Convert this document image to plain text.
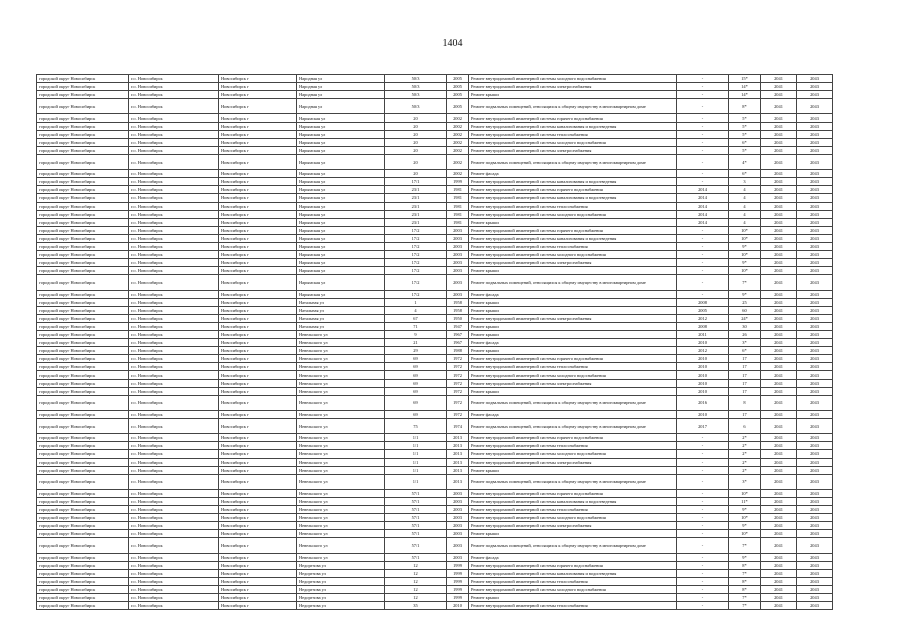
1404
городской округ Новосибирск	г.о. Новосибирск	Новосибирск г	Народная ул	50/3	2005	Ремонт внутридомовой инженерной системы холодного водоснабжения	-	15*	2041	2043
городской округ Новосибирск	г.о. Новосибирск	Новосибирск г	Народная ул	50/3	2005	Ремонт внутридомовой инженерной системы электроснабжения	-	14*	2041	2043
городской округ Новосибирск	г.о. Новосибирск	Новосибирск г	Народная ул	50/3	2005	Ремонт крыши	-	14*	2041	2043
городской округ Новосибирск	г.о. Новосибирск	Новосибирск г	Народная ул	50/3	2005	Ремонт подвальных помещений, относящихся к общему имуществу в многоквартирном доме	-	8*	2041	2043
городской округ Новосибирск	г.о. Новосибирск	Новосибирск г	Нарымская ул	20	2002	Ремонт внутридомовой инженерной системы горячего водоснабжения	-	5*	2041	2043
городской округ Новосибирск	г.о. Новосибирск	Новосибирск г	Нарымская ул	20	2002	Ремонт внутридомовой инженерной системы канализования и водоотведения	-	5*	2041	2043
городской округ Новосибирск	г.о. Новосибирск	Новосибирск г	Нарымская ул	20	2002	Ремонт внутридомовой инженерной системы теплоснабжения	-	5*	2041	2043
городской округ Новосибирск	г.о. Новосибирск	Новосибирск г	Нарымская ул	20	2002	Ремонт внутридомовой инженерной системы холодного водоснабжения	-	6*	2041	2043
городской округ Новосибирск	г.о. Новосибирск	Новосибирск г	Нарымская ул	20	2002	Ремонт внутридомовой инженерной системы электроснабжения	-	5*	2041	2043
городской округ Новосибирск	г.о. Новосибирск	Новосибирск г	Нарымская ул	20	2002	Ремонт подвальных помещений, относящихся к общему имуществу в многоквартирном доме	-	4*	2041	2043
городской округ Новосибирск	г.о. Новосибирск	Новосибирск г	Нарымская ул	20	2002	Ремонт фасада	-	6*	2041	2043
городской округ Новосибирск	г.о. Новосибирск	Новосибирск г	Нарымская ул	17/1	1999	Ремонт внутридомовой инженерной системы канализования и водоотведения	-	3	2041	2043
городской округ Новосибирск	г.о. Новосибирск	Новосибирск г	Нарымская ул	23/1	1981	Ремонт внутридомовой инженерной системы горячего водоснабжения	2014	4	2041	2043
городской округ Новосибирск	г.о. Новосибирск	Новосибирск г	Нарымская ул	23/1	1981	Ремонт внутридомовой инженерной системы канализования и водоотведения	2014	4	2041	2043
городской округ Новосибирск	г.о. Новосибирск	Новосибирск г	Нарымская ул	23/1	1981	Ремонт внутридомовой инженерной системы теплоснабжения	2014	4	2041	2043
городской округ Новосибирск	г.о. Новосибирск	Новосибирск г	Нарымская ул	23/1	1981	Ремонт внутридомовой инженерной системы холодного водоснабжения	2014	4	2041	2043
городской округ Новосибирск	г.о. Новосибирск	Новосибирск г	Нарымская ул	23/1	1981	Ремонт крыши	2014	4	2041	2043
городской округ Новосибирск	г.о. Новосибирск	Новосибирск г	Нарымская ул	17/2	2003	Ремонт внутридомовой инженерной системы горячего водоснабжения	-	10*	2041	2043
городской округ Новосибирск	г.о. Новосибирск	Новосибирск г	Нарымская ул	17/2	2003	Ремонт внутридомовой инженерной системы канализования и водоотведения	-	10*	2041	2043
городской округ Новосибирск	г.о. Новосибирск	Новосибирск г	Нарымская ул	17/2	2003	Ремонт внутридомовой инженерной системы теплоснабжения	-	9*	2041	2043
городской округ Новосибирск	г.о. Новосибирск	Новосибирск г	Нарымская ул	17/2	2003	Ремонт внутридомовой инженерной системы холодного водоснабжения	-	10*	2041	2043
городской округ Новосибирск	г.о. Новосибирск	Новосибирск г	Нарымская ул	17/2	2003	Ремонт внутридомовой инженерной системы электроснабжения	-	9*	2041	2043
городской округ Новосибирск	г.о. Новосибирск	Новосибирск г	Нарымская ул	17/2	2003	Ремонт крыши	-	10*	2041	2043
городской округ Новосибирск	г.о. Новосибирск	Новосибирск г	Нарымская ул	17/2	2003	Ремонт подвальных помещений, относящихся к общему имуществу в многоквартирном доме	-	7*	2041	2043
городской округ Новосибирск	г.о. Новосибирск	Новосибирск г	Нарымская ул	17/2	2003	Ремонт фасада	-	9*	2041	2043
городской округ Новосибирск	г.о. Новосибирск	Новосибирск г	Натальная ул	1	1958	Ремонт крыши	2008	25	2041	2043
городской округ Новосибирск	г.о. Новосибирск	Новосибирск г	Натальная ул	4	1958	Ремонт крыши	2005	60	2041	2043
городской округ Новосибирск	г.о. Новосибирск	Новосибирск г	Натальная ул	67	1950	Ремонт внутридомовой инженерной системы электроснабжения	2012	24*	2041	2043
городской округ Новосибирск	г.о. Новосибирск	Новосибирск г	Натальная ул	71	1947	Ремонт крыши	2008	30	2041	2043
городской округ Новосибирск	г.о. Новосибирск	Новосибирск г	Невельского ул	9	1967	Ремонт крыши	2011	26	2041	2043
городской округ Новосибирск	г.о. Новосибирск	Новосибирск г	Невельского ул	21	1967	Ремонт фасада	2010	3*	2041	2043
городской округ Новосибирск	г.о. Новосибирск	Новосибирск г	Невельского ул	29	1988	Ремонт крыши	2012	6*	2041	2043
городской округ Новосибирск	г.о. Новосибирск	Новосибирск г	Невельского ул	69	1972	Ремонт внутридомовой инженерной системы горячего водоснабжения	2010	17	2041	2043
городской округ Новосибирск	г.о. Новосибирск	Новосибирск г	Невельского ул	69	1972	Ремонт внутридомовой инженерной системы теплоснабжения	2010	17	2041	2043
городской округ Новосибирск	г.о. Новосибирск	Новосибирск г	Невельского ул	69	1972	Ремонт внутридомовой инженерной системы холодного водоснабжения	2010	17	2041	2043
городской округ Новосибирск	г.о. Новосибирск	Новосибирск г	Невельского ул	69	1972	Ремонт внутридомовой инженерной системы электроснабжения	2010	17	2041	2043
городской округ Новосибирск	г.о. Новосибирск	Новосибирск г	Невельского ул	69	1972	Ремонт крыши	2010	17	2041	2043
городской округ Новосибирск	г.о. Новосибирск	Новосибирск г	Невельского ул	69	1972	Ремонт подвальных помещений, относящихся к общему имуществу в многоквартирном доме	2016	8	2041	2043
городской округ Новосибирск	г.о. Новосибирск	Новосибирск г	Невельского ул	69	1972	Ремонт фасада	2010	17	2041	2043
городской округ Новосибирск	г.о. Новосибирск	Новосибирск г	Невельского ул	75	1974	Ремонт подвальных помещений, относящихся к общему имуществу в многоквартирном доме	2017	6	2041	2043
городской округ Новосибирск	г.о. Новосибирск	Новосибирск г	Невельского ул	1/1	2013	Ремонт внутридомовой инженерной системы горячего водоснабжения	-	2*	2041	2043
городской округ Новосибирск	г.о. Новосибирск	Новосибирск г	Невельского ул	1/1	2013	Ремонт внутридомовой инженерной системы теплоснабжения	-	2*	2041	2043
городской округ Новосибирск	г.о. Новосибирск	Новосибирск г	Невельского ул	1/1	2013	Ремонт внутридомовой инженерной системы холодного водоснабжения	-	2*	2041	2043
городской округ Новосибирск	г.о. Новосибирск	Новосибирск г	Невельского ул	1/1	2013	Ремонт внутридомовой инженерной системы электроснабжения	-	2*	2041	2043
городской округ Новосибирск	г.о. Новосибирск	Новосибирск г	Невельского ул	1/1	2013	Ремонт крыши	-	2*	2041	2043
городской округ Новосибирск	г.о. Новосибирск	Новосибирск г	Невельского ул	1/1	2013	Ремонт подвальных помещений, относящихся к общему имуществу в многоквартирном доме	-	3*	2041	2043
городской округ Новосибирск	г.о. Новосибирск	Новосибирск г	Невельского ул	57/1	2003	Ремонт внутридомовой инженерной системы горячего водоснабжения	-	10*	2041	2043
городской округ Новосибирск	г.о. Новосибирск	Новосибирск г	Невельского ул	57/1	2003	Ремонт внутридомовой инженерной системы канализования и водоотведения	-	11*	2041	2043
городской округ Новосибирск	г.о. Новосибирск	Новосибирск г	Невельского ул	57/1	2003	Ремонт внутридомовой инженерной системы теплоснабжения	-	9*	2041	2043
городской округ Новосибирск	г.о. Новосибирск	Новосибирск г	Невельского ул	57/1	2003	Ремонт внутридомовой инженерной системы холодного водоснабжения	-	10*	2041	2043
городской округ Новосибирск	г.о. Новосибирск	Новосибирск г	Невельского ул	57/1	2003	Ремонт внутридомовой инженерной системы электроснабжения	-	9*	2041	2043
городской округ Новосибирск	г.о. Новосибирск	Новосибирск г	Невельского ул	57/1	2003	Ремонт крыши	-	10*	2041	2043
городской округ Новосибирск	г.о. Новосибирск	Новосибирск г	Невельского ул	57/1	2003	Ремонт подвальных помещений, относящихся к общему имуществу в многоквартирном доме	-	7*	2041	2043
городской округ Новосибирск	г.о. Новосибирск	Новосибирск г	Невельского ул	57/1	2003	Ремонт фасада	-	9*	2041	2043
городской округ Новосибирск	г.о. Новосибирск	Новосибирск г	Недорезова ул	12	1999	Ремонт внутридомовой инженерной системы горячего водоснабжения	-	8*	2041	2043
городской округ Новосибирск	г.о. Новосибирск	Новосибирск г	Недорезова ул	12	1999	Ремонт внутридомовой инженерной системы канализования и водоотведения	-	7*	2041	2043
городской округ Новосибирск	г.о. Новосибирск	Новосибирск г	Недорезова ул	12	1999	Ремонт внутридомовой инженерной системы теплоснабжения	-	8*	2041	2043
городской округ Новосибирск	г.о. Новосибирск	Новосибирск г	Недорезова ул	12	1999	Ремонт внутридомовой инженерной системы холодного водоснабжения	-	8*	2041	2043
городской округ Новосибирск	г.о. Новосибирск	Новосибирск г	Недорезова ул	12	1999	Ремонт крыши	-	7*	2041	2043
городской округ Новосибирск	г.о. Новосибирск	Новосибирск г	Недорезова ул	35	2010	Ремонт внутридомовой инженерной системы теплоснабжения	-	7*	2041	2043
